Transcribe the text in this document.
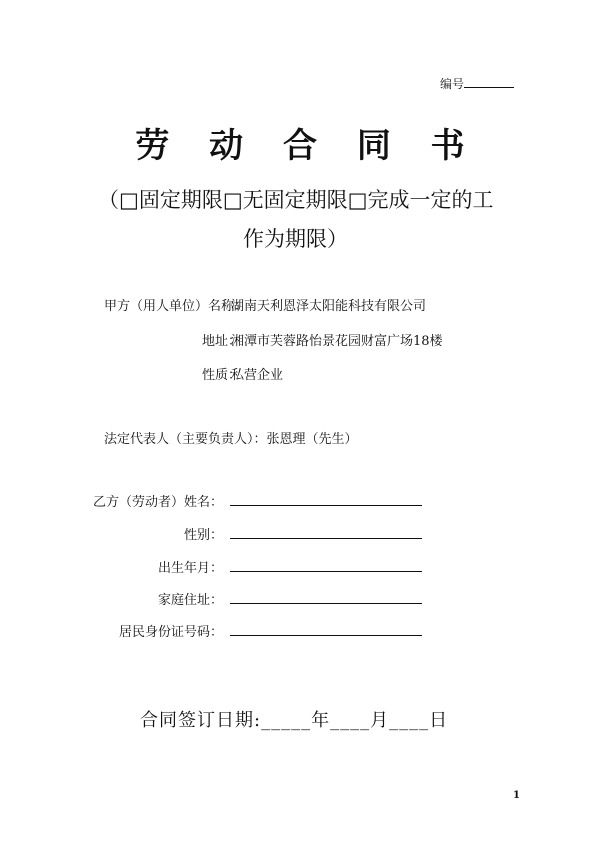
编号
劳 动 合 同 书
（□固定期限□无固定期限□完成一定的工
作为期限）
甲方（用人单位）名称：
湖南天利恩泽太阳能科技有限公司
地址：
湘潭市芙蓉路怡景花园财富广场18楼
性质：
私营企业
法定代表人（主要负责人）：张恩理（先生）
乙方（劳动者）姓名：
性别：
出生年月：
家庭住址：
居民身份证号码：
合同签订日期:_____年____月____日
1
